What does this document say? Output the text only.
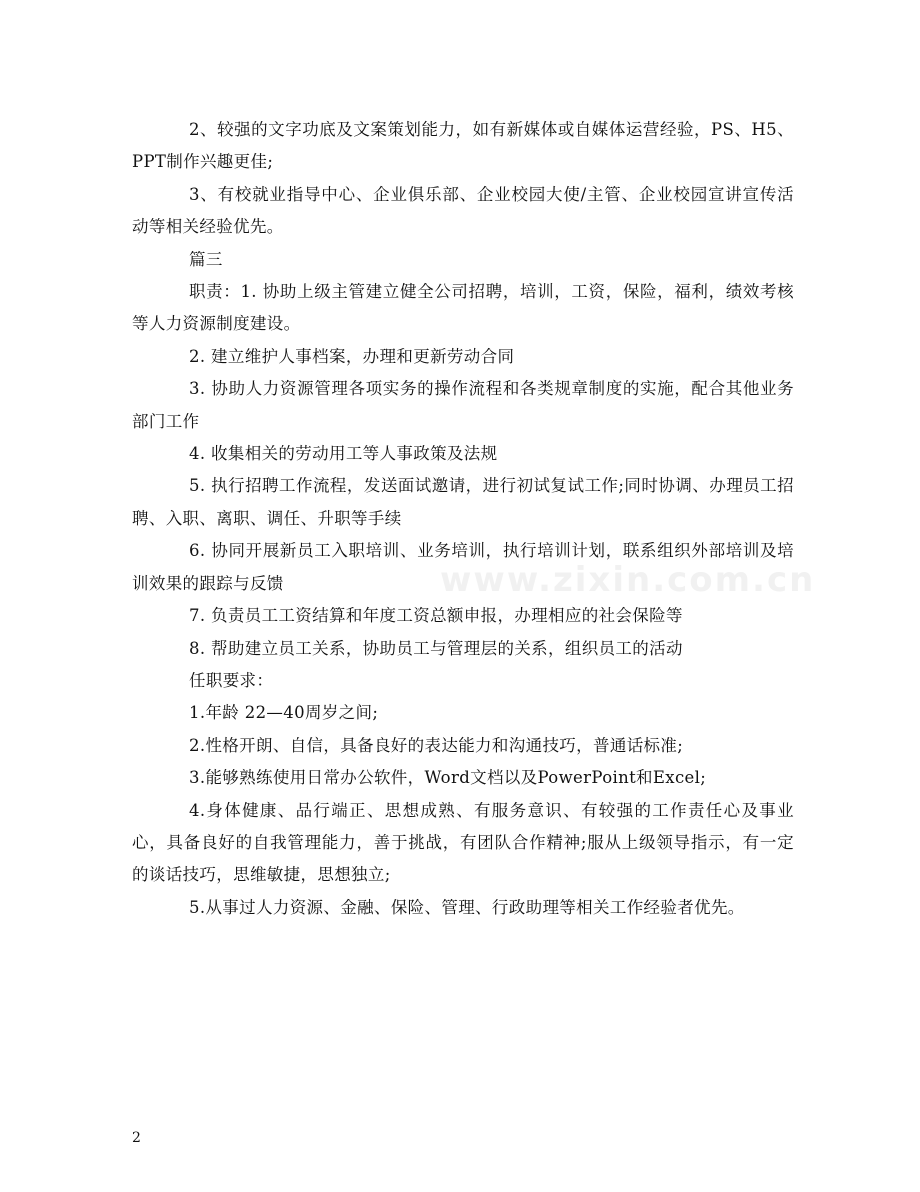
2、较强的文字功底及文案策划能力，如有新媒体或自媒体运营经验，PS、H5、PPT制作兴趣更佳;

3、有校就业指导中心、企业俱乐部、企业校园大使/主管、企业校园宣讲宣传活动等相关经验优先。

篇三

职责：1. 协助上级主管建立健全公司招聘，培训，工资，保险，福利，绩效考核等人力资源制度建设。

2. 建立维护人事档案，办理和更新劳动合同

3. 协助人力资源管理各项实务的操作流程和各类规章制度的实施，配合其他业务部门工作

4. 收集相关的劳动用工等人事政策及法规

5. 执行招聘工作流程，发送面试邀请，进行初试复试工作;同时协调、办理员工招聘、入职、离职、调任、升职等手续

6. 协同开展新员工入职培训、业务培训，执行培训计划，联系组织外部培训及培训效果的跟踪与反馈

7. 负责员工工资结算和年度工资总额申报，办理相应的社会保险等

8. 帮助建立员工关系，协助员工与管理层的关系，组织员工的活动

任职要求：

1.年龄 22—40周岁之间;

2.性格开朗、自信，具备良好的表达能力和沟通技巧，普通话标准;

3.能够熟练使用日常办公软件，Word文档以及PowerPoint和Excel;

4.身体健康、品行端正、思想成熟、有服务意识、有较强的工作责任心及事业心，具备良好的自我管理能力，善于挑战，有团队合作精神;服从上级领导指示，有一定的谈话技巧，思维敏捷，思想独立;

5.从事过人力资源、金融、保险、管理、行政助理等相关工作经验者优先。

www.zixin.com.cn
2
